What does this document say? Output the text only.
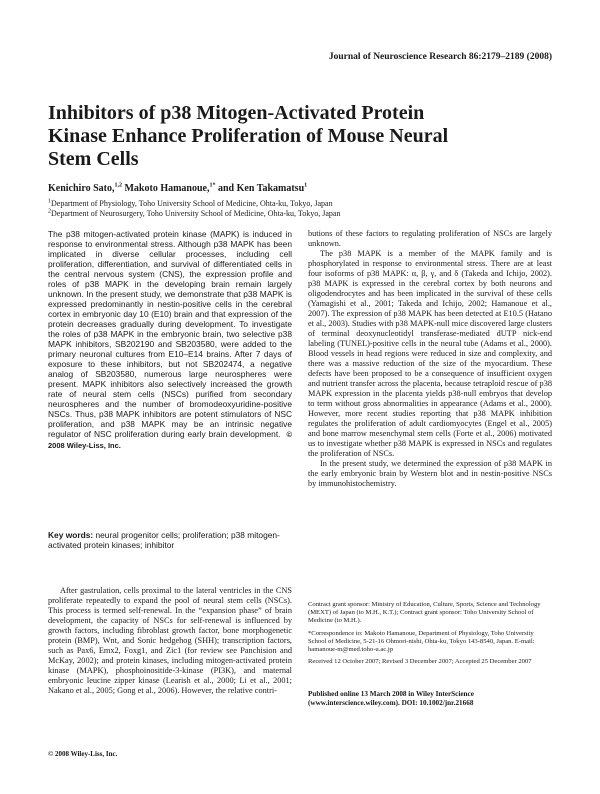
Journal of Neuroscience Research 86:2179–2189 (2008)
Inhibitors of p38 Mitogen-Activated Protein Kinase Enhance Proliferation of Mouse Neural Stem Cells
Kenichiro Sato,$^{1,2}$ Makoto Hamanoue,$^{1*}$ and Ken Takamatsu$^1$

$^1$Department of Physiology, Toho University School of Medicine, Ohta-ku, Tokyo, Japan

$^2$Department of Neurosurgery, Toho University School of Medicine, Ohta-ku, Tokyo, Japan

The p38 mitogen-activated protein kinase (MAPK) is induced in response to environmental stress. Although p38 MAPK has been implicated in diverse cellular processes, including cell proliferation, differentiation, and survival of differentiated cells in the central nervous system (CNS), the expression profile and roles of p38 MAPK in the developing brain remain largely unknown. In the present study, we demonstrate that p38 MAPK is expressed predominantly in nestin-positive cells in the cerebral cortex in embryonic day 10 (E10) brain and that expression of the protein decreases gradually during development. To investigate the roles of p38 MAPK in the embryonic brain, two selective p38 MAPK inhibitors, SB202190 and SB203580, were added to the primary neuronal cultures from E10–E14 brains. After 7 days of exposure to these inhibitors, but not SB202474, a negative analog of SB203580, numerous large neurospheres were present. MAPK inhibitors also selectively increased the growth rate of neural stem cells (NSCs) purified from secondary neurospheres and the number of bromodeoxyuridine-positive NSCs. Thus, p38 MAPK inhibitors are potent stimulators of NSC proliferation, and p38 MAPK may be an intrinsic negative regulator of NSC proliferation during early brain development. © 2008 Wiley-Liss, Inc.

Key words: neural progenitor cells; proliferation; p38 mitogen-activated protein kinases; inhibitor

After gastrulation, cells proximal to the lateral ventricles in the CNS proliferate repeatedly to expand the pool of neural stem cells (NSCs). This process is termed self-renewal. In the “expansion phase” of brain development, the capacity of NSCs for self-renewal is influenced by growth factors, including fibroblast growth factor, bone morphogenetic protein (BMP), Wnt, and Sonic hedgehog (SHH); transcription factors, such as Pax6, Emx2, Foxg1, and Zic1 (for review see Panchision and McKay, 2002); and protein kinases, including mitogen-activated protein kinase (MAPK), phosphoinositide-3-kinase (PI3K), and maternal embryonic leucine zipper kinase (Learish et al., 2000; Li et al., 2001; Nakano et al., 2005; Gong et al., 2006). However, the relative contri-

© 2008 Wiley-Liss, Inc.

butions of these factors to regulating proliferation of NSCs are largely unknown.

The p38 MAPK is a member of the MAPK family and is phosphorylated in response to environmental stress. There are at least four isoforms of p38 MAPK: α, β, γ, and δ (Takeda and Ichijo, 2002). p38 MAPK is expressed in the cerebral cortex by both neurons and oligodendrocytes and has been implicated in the survival of these cells (Yamagishi et al., 2001; Takeda and Ichijo, 2002; Hamanoue et al., 2007). The expression of p38 MAPK has been detected at E10.5 (Hatano et al., 2003). Studies with p38 MAPK-null mice discovered large clusters of terminal deoxynucleotidyl transferase-mediated dUTP nick-end labeling (TUNEL)-positive cells in the neural tube (Adams et al., 2000). Blood vessels in head regions were reduced in size and complexity, and there was a massive reduction of the size of the myocardium. These defects have been proposed to be a consequence of insufficient oxygen and nutrient transfer across the placenta, because tetraploid rescue of p38 MAPK expression in the placenta yields p38-null embryos that develop to term without gross abnormalities in appearance (Adams et al., 2000). However, more recent studies reporting that p38 MAPK inhibition regulates the proliferation of adult cardiomyocytes (Engel et al., 2005) and bone marrow mesenchymal stem cells (Forte et al., 2006) motivated us to investigate whether p38 MAPK is expressed in NSCs and regulates the proliferation of NSCs.

In the present study, we determined the expression of p38 MAPK in the early embryonic brain by Western blot and in nestin-positive NSCs by immunohistochemistry.

Contract grant sponsor: Ministry of Education, Culture, Sports, Science and Technology (MEXT) of Japan (to M.H., K.T.); Contract grant sponsor: Toho University School of Medicine (to M.H.).

*Correspondence to: Makoto Hamanoue, Department of Physiology, Toho University School of Medicine, 5-21-16 Ohmori-nishi, Ohta-ku, Tokyo 143-8540, Japan. E-mail: hamanoue-m@med.toho-u.ac.jp

Received 12 October 2007; Revised 3 December 2007; Accepted 25 December 2007

Published online 13 March 2008 in Wiley InterScience (www.interscience.wiley.com). DOI: 10.1002/jnr.21668
